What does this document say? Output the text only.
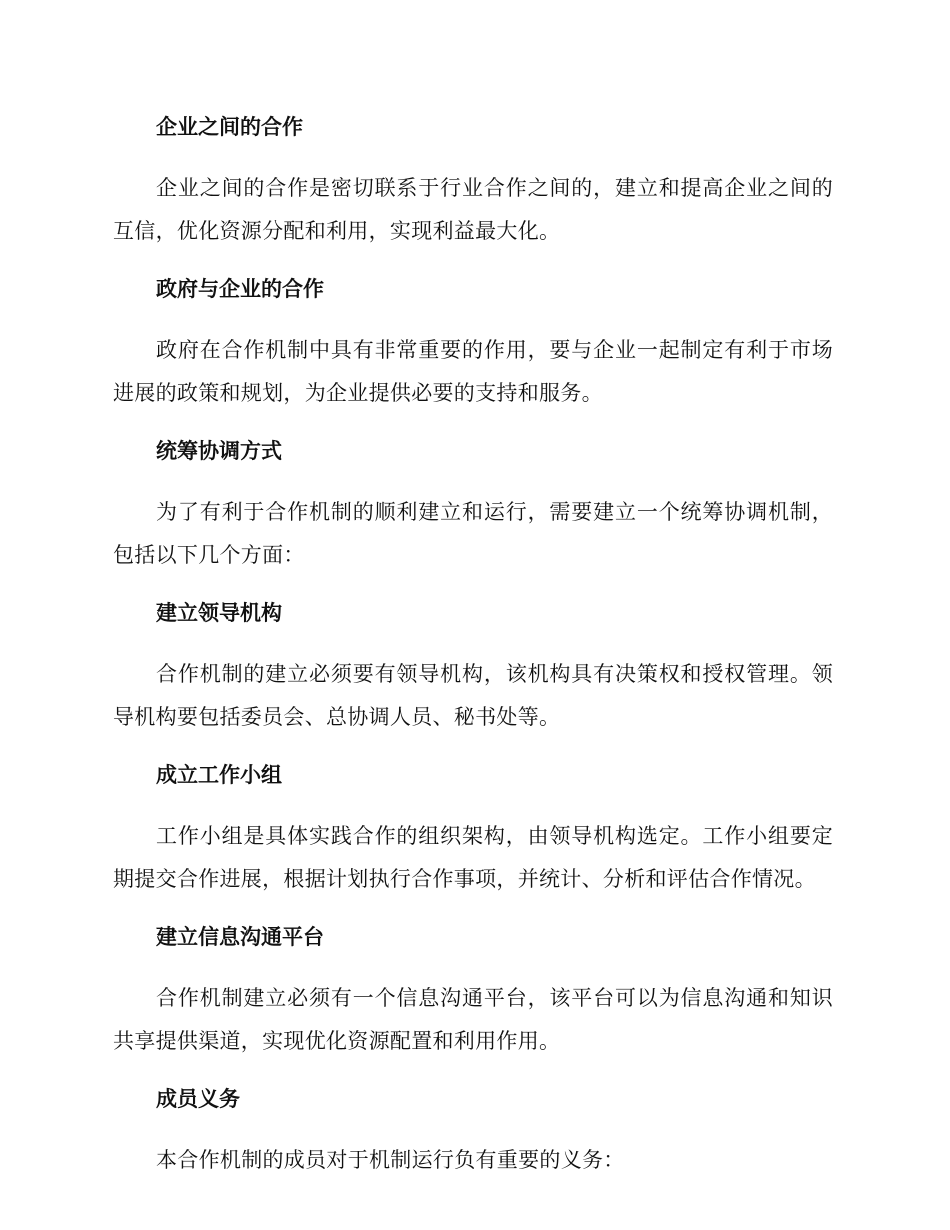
企业之间的合作

企业之间的合作是密切联系于行业合作之间的，建立和提高企业之间的互信，优化资源分配和利用，实现利益最大化。

政府与企业的合作

政府在合作机制中具有非常重要的作用，要与企业一起制定有利于市场进展的政策和规划，为企业提供必要的支持和服务。

统筹协调方式

为了有利于合作机制的顺利建立和运行，需要建立一个统筹协调机制，包括以下几个方面：

建立领导机构

合作机制的建立必须要有领导机构，该机构具有决策权和授权管理。领导机构要包括委员会、总协调人员、秘书处等。

成立工作小组

工作小组是具体实践合作的组织架构，由领导机构选定。工作小组要定期提交合作进展，根据计划执行合作事项，并统计、分析和评估合作情况。

建立信息沟通平台

合作机制建立必须有一个信息沟通平台，该平台可以为信息沟通和知识共享提供渠道，实现优化资源配置和利用作用。

成员义务

本合作机制的成员对于机制运行负有重要的义务：
